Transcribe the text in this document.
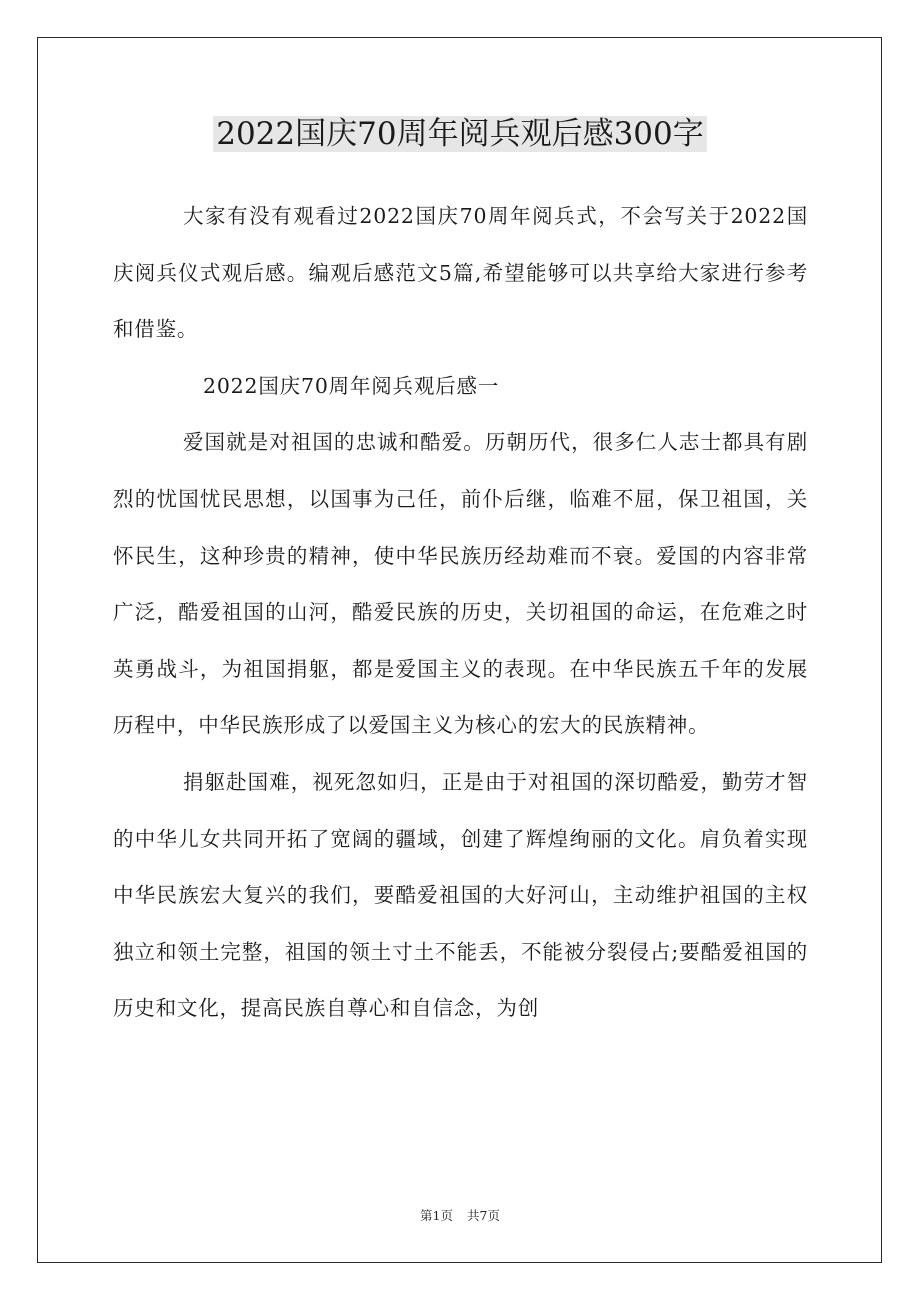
2022国庆70周年阅兵观后感300字

大家有没有观看过2022国庆70周年阅兵式，不会写关于2022国庆阅兵仪式观后感。编观后感范文5篇,希望能够可以共享给大家进行参考和借鉴。

2022国庆70周年阅兵观后感一

爱国就是对祖国的忠诚和酷爱。历朝历代，很多仁人志士都具有剧烈的忧国忧民思想，以国事为己任，前仆后继，临难不屈，保卫祖国，关怀民生，这种珍贵的精神，使中华民族历经劫难而不衰。爱国的内容非常广泛，酷爱祖国的山河，酷爱民族的历史，关切祖国的命运，在危难之时英勇战斗，为祖国捐躯，都是爱国主义的表现。在中华民族五千年的发展历程中，中华民族形成了以爱国主义为核心的宏大的民族精神。

捐躯赴国难，视死忽如归，正是由于对祖国的深切酷爱，勤劳才智的中华儿女共同开拓了宽阔的疆域，创建了辉煌绚丽的文化。肩负着实现中华民族宏大复兴的我们，要酷爱祖国的大好河山，主动维护祖国的主权独立和领土完整，祖国的领土寸土不能丢，不能被分裂侵占;要酷爱祖国的历史和文化，提高民族自尊心和自信念，为创

第1页 共7页
